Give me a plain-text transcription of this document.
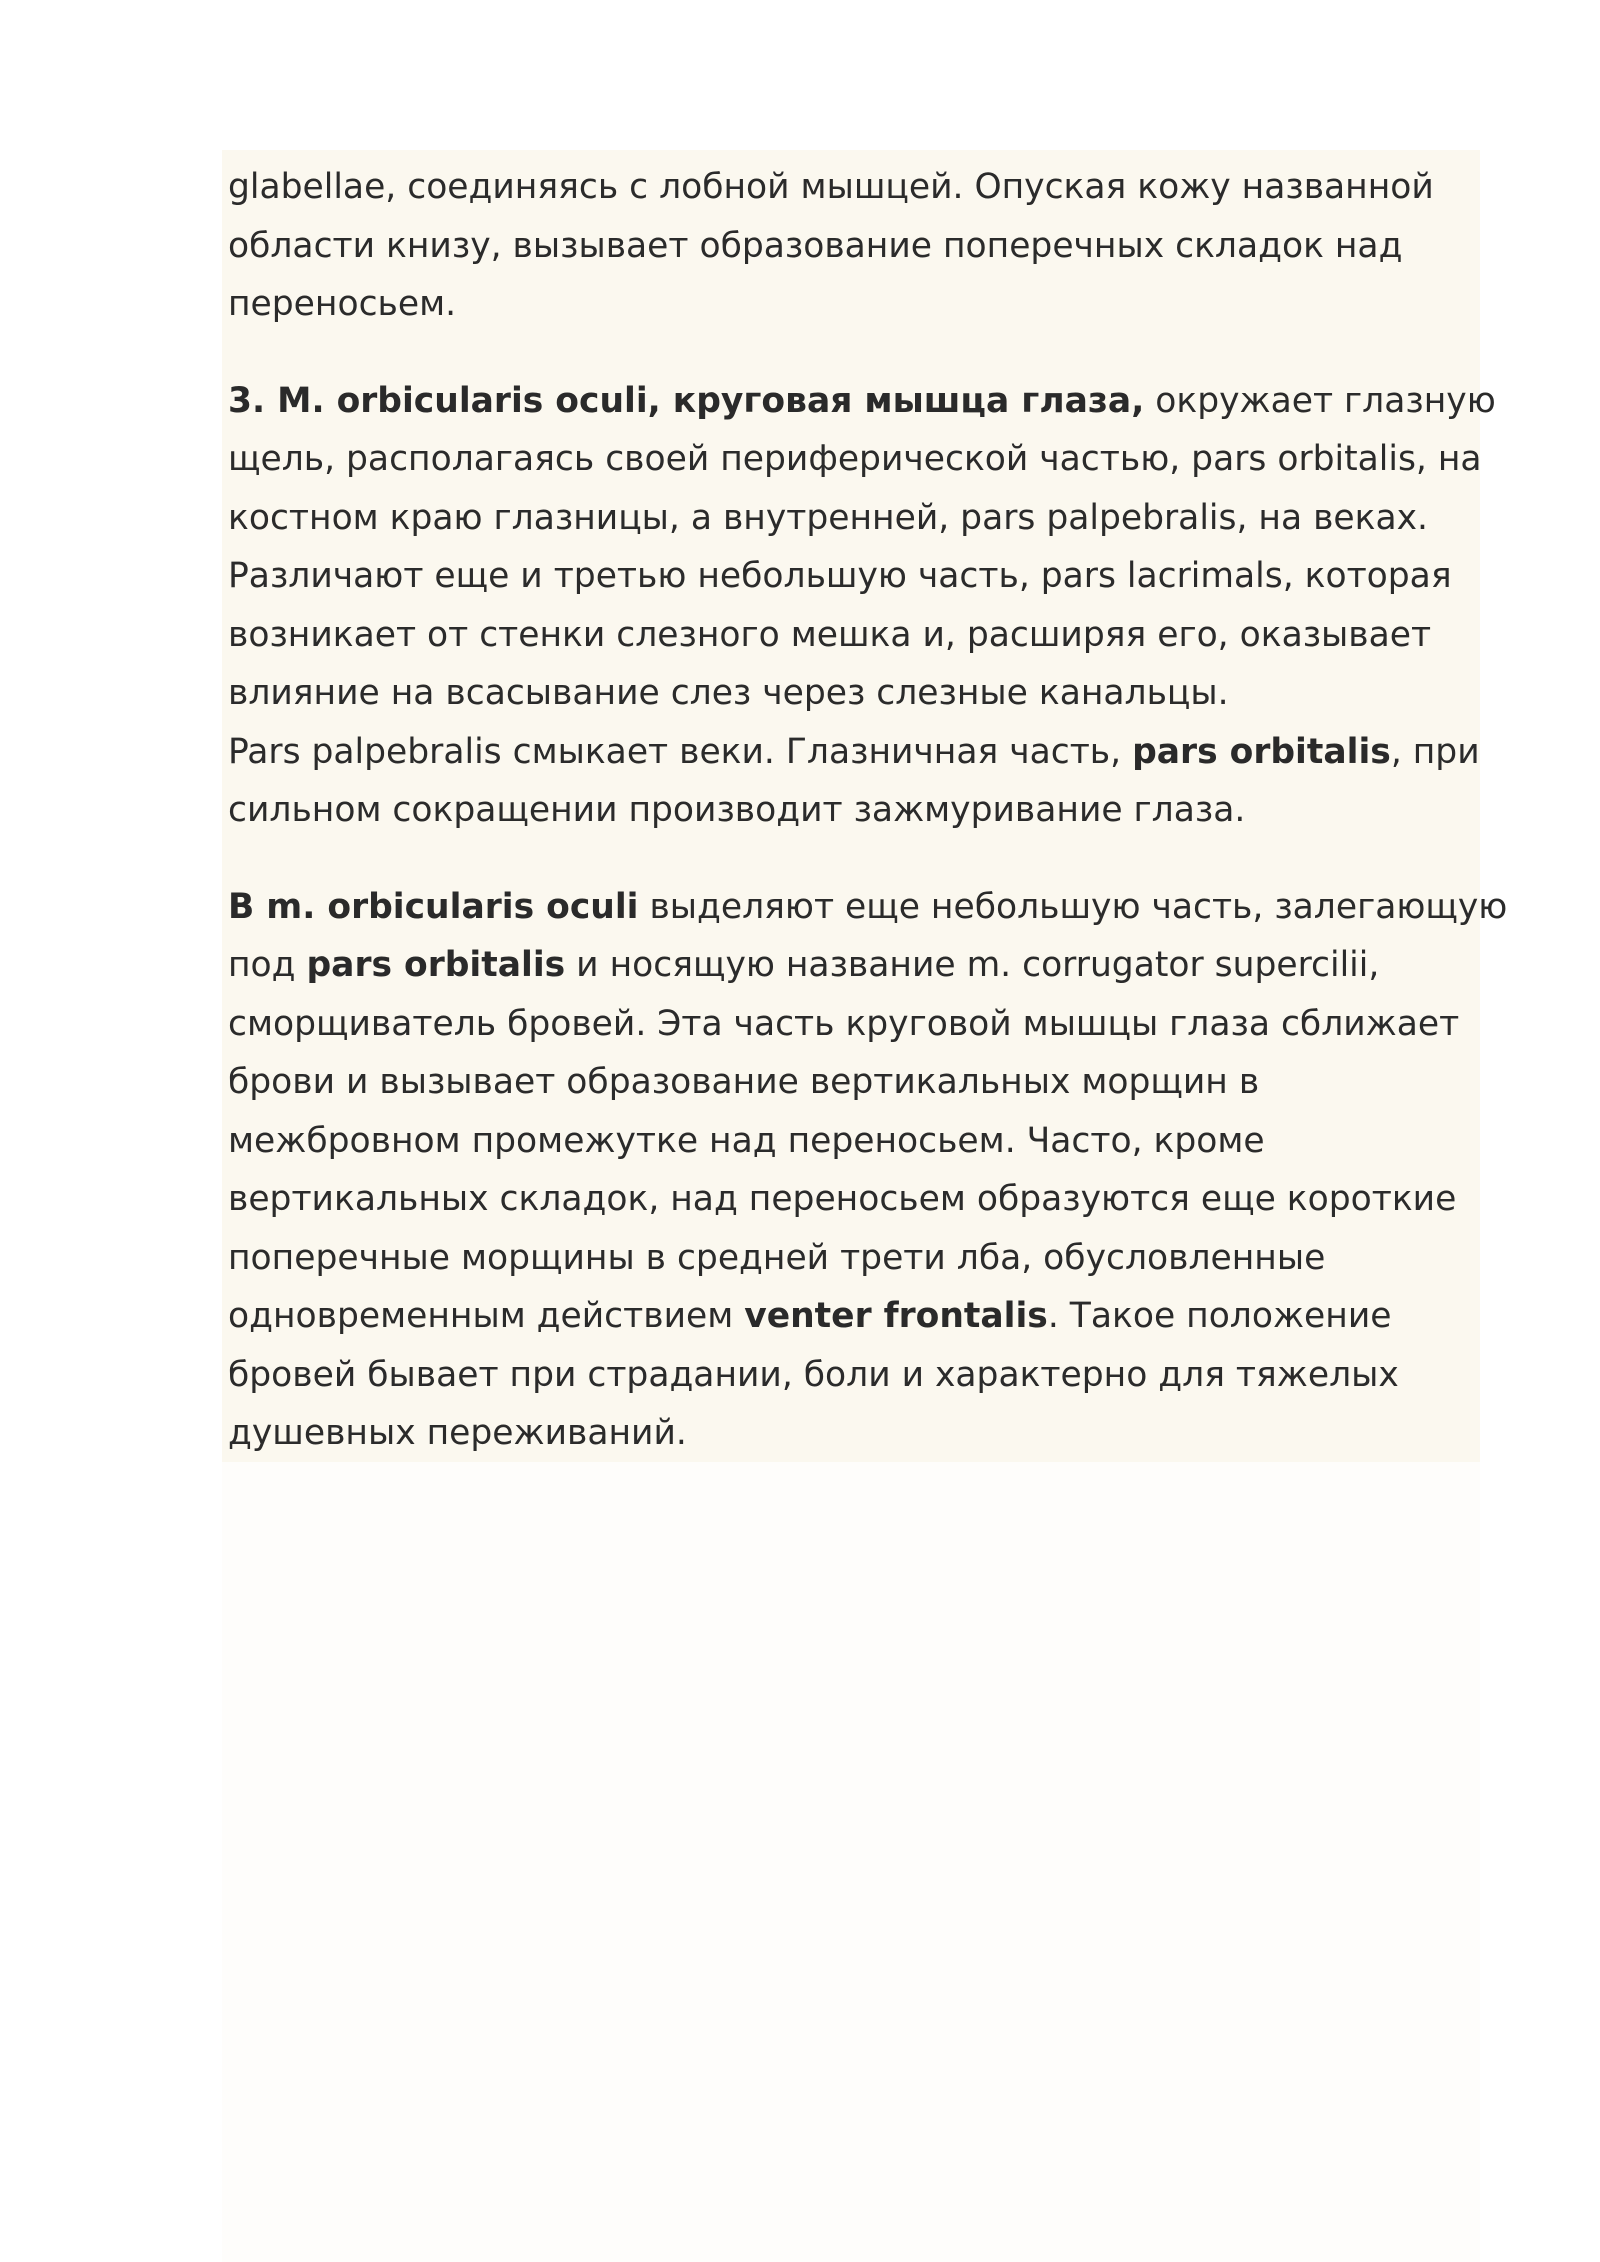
glabellae, соединяясь с лобной мышцей. Опуская кожу названной
области книзу, вызывает образование поперечных складок над
переносьем.

3. M. orbicularis oculi, круговая мышца глаза, окружает глазную
щель, располагаясь своей периферической частью, pars orbitalis, на
костном краю глазницы, а внутренней, pars palpebralis, на веках.
Различают еще и третью небольшую часть, pars lacrimals, которая
возникает от стенки слезного мешка и, расширяя его, оказывает
влияние на всасывание слез через слезные канальцы.
Pars palpebralis смыкает веки. Глазничная часть, pars orbitalis, при
сильном сокращении производит зажмуривание глаза.

B m. orbicularis oculi выделяют еще небольшую часть, залегающую
под pars orbitalis и носящую название m. corrugator supercilii,
сморщиватель бровей. Эта часть круговой мышцы глаза сближает
брови и вызывает образование вертикальных морщин в
межбровном промежутке над переносьем. Часто, кроме
вертикальных складок, над переносьем образуются еще короткие
поперечные морщины в средней трети лба, обусловленные
одновременным действием venter frontalis. Такое положение
бровей бывает при страдании, боли и характерно для тяжелых
душевных переживаний.
